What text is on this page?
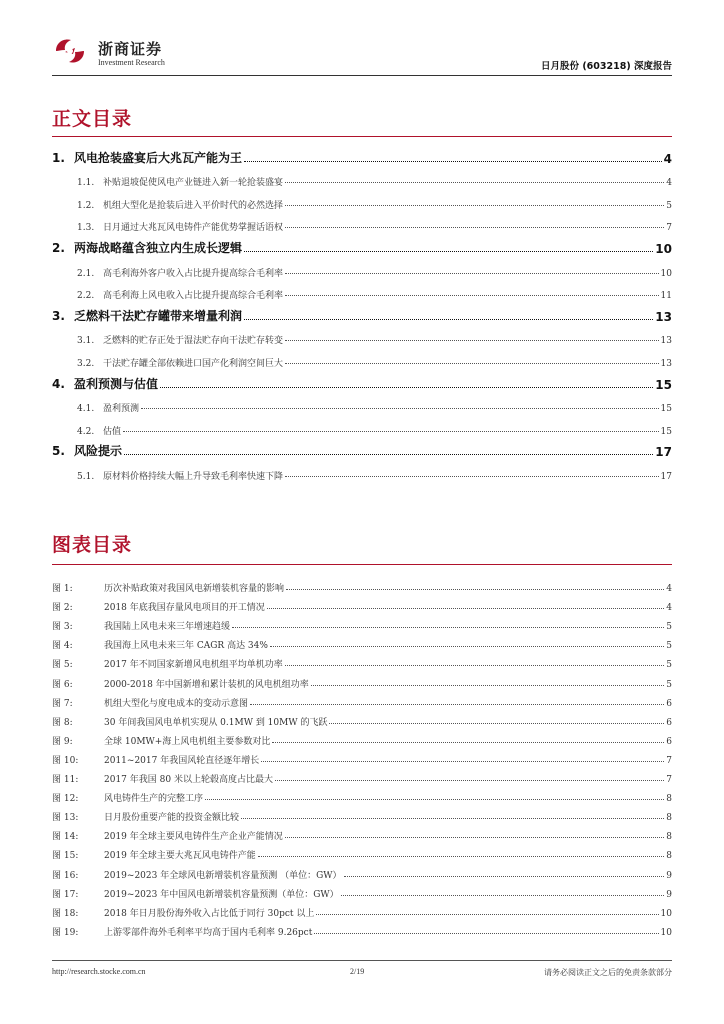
浙商证券
Investment Research	日月股份 (603218) 深度报告
正文目录
1. 风电抢装盛宴后大兆瓦产能为王	4
1.1. 补贴退坡促使风电产业链进入新一轮抢装盛宴	4
1.2. 机组大型化是抢装后进入平价时代的必然选择	5
1.3. 日月通过大兆瓦风电铸件产能优势掌握话语权	7
2. 两海战略蕴含独立内生成长逻辑	10
2.1. 高毛利海外客户收入占比提升提高综合毛利率	10
2.2. 高毛利海上风电收入占比提升提高综合毛利率	11
3. 乏燃料干法贮存罐带来增量利润	13
3.1. 乏燃料的贮存正处于湿法贮存向干法贮存转变	13
3.2. 干法贮存罐全部依赖进口国产化利润空间巨大	13
4. 盈利预测与估值	15
4.1. 盈利预测	15
4.2. 估值	15
5. 风险提示	17
5.1. 原材料价格持续大幅上升导致毛利率快速下降	17
图表目录
图 1:	历次补贴政策对我国风电新增装机容量的影响	4
图 2:	2018 年底我国存量风电项目的开工情况	4
图 3:	我国陆上风电未来三年增速趋缓	5
图 4:	我国海上风电未来三年 CAGR 高达 34%	5
图 5:	2017 年不同国家新增风电机组平均单机功率	5
图 6:	2000-2018 年中国新增和累计装机的风电机组功率	5
图 7:	机组大型化与度电成本的变动示意图	6
图 8:	30 年间我国风电单机实现从 0.1MW 到 10MW 的飞跃	6
图 9:	全球 10MW+海上风电机组主要参数对比	6
图 10:	2011~2017 年我国风轮直径逐年增长	7
图 11:	2017 年我国 80 米以上轮毂高度占比最大	7
图 12:	风电铸件生产的完整工序	8
图 13:	日月股份重要产能的投资金额比较	8
图 14:	2019 年全球主要风电铸件生产企业产能情况	8
图 15:	2019 年全球主要大兆瓦风电铸件产能	8
图 16:	2019~2023 年全球风电新增装机容量预测 （单位：GW）	9
图 17:	2019~2023 年中国风电新增装机容量预测（单位：GW）	9
图 18:	2018 年日月股份海外收入占比低于同行 30pct 以上	10
图 19:	上游零部件海外毛利率平均高于国内毛利率 9.26pct	10
http://research.stocke.com.cn	2/19	请务必阅读正文之后的免责条款部分
